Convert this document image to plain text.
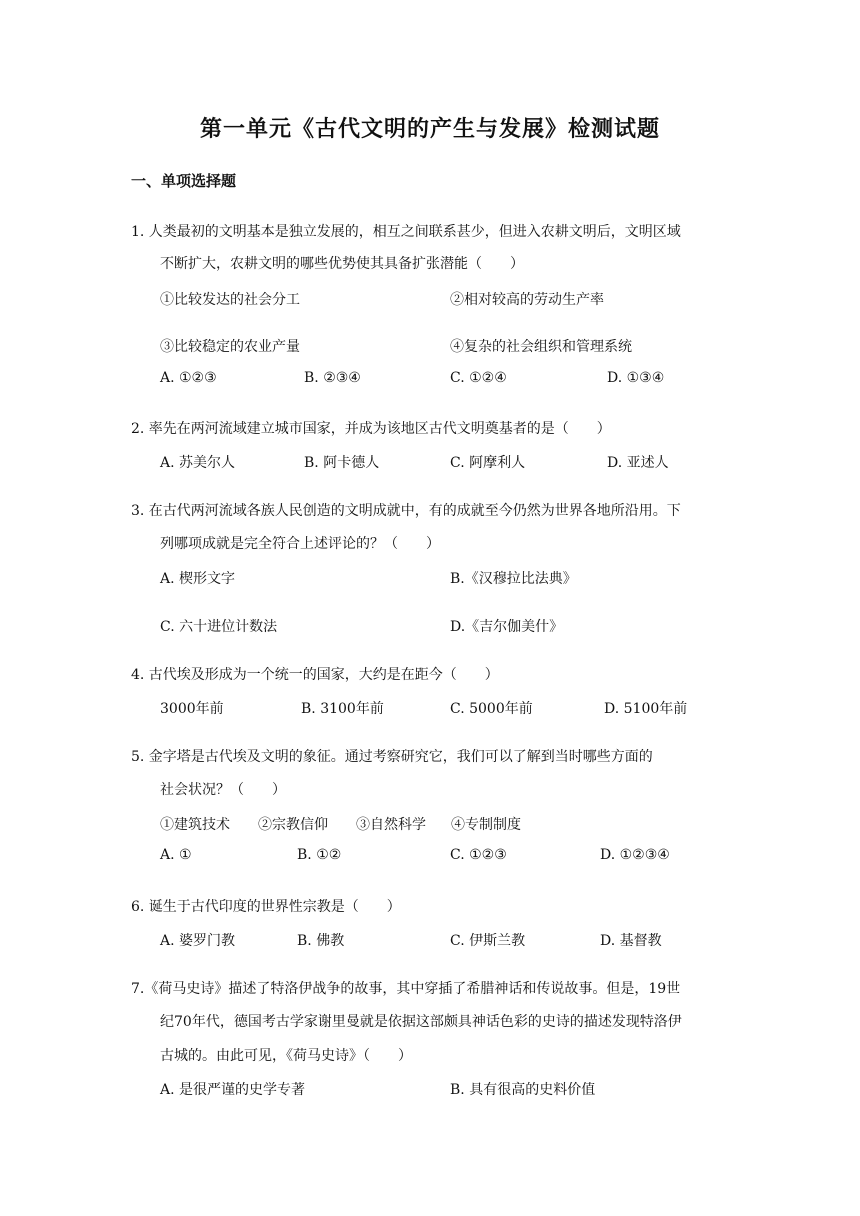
第一单元《古代文明的产生与发展》检测试题
一、单项选择题
1. 人类最初的文明基本是独立发展的，相互之间联系甚少，但进入农耕文明后，文明区域
不断扩大，农耕文明的哪些优势使其具备扩张潜能（　　）
①比较发达的社会分工	②相对较高的劳动生产率
③比较稳定的农业产量	④复杂的社会组织和管理系统
A. ①②③	B. ②③④	C. ①②④	D. ①③④
2. 率先在两河流域建立城市国家，并成为该地区古代文明奠基者的是（　　）
A. 苏美尔人	B. 阿卡德人	C. 阿摩利人	D. 亚述人
3. 在古代两河流域各族人民创造的文明成就中，有的成就至今仍然为世界各地所沿用。下
列哪项成就是完全符合上述评论的？（　　）
A. 楔形文字	B.《汉穆拉比法典》
C. 六十进位计数法	D.《吉尔伽美什》
4. 古代埃及形成为一个统一的国家，大约是在距今（　　）
3000年前	B. 3100年前	C. 5000年前	D. 5100年前
5. 金字塔是古代埃及文明的象征。通过考察研究它，我们可以了解到当时哪些方面的
社会状况？（　　）
①建筑技术 ②宗教信仰 ③自然科学 ④专制制度
A. ①	B. ①②	C. ①②③	D. ①②③④
6. 诞生于古代印度的世界性宗教是（　　）
A. 婆罗门教	B. 佛教	C. 伊斯兰教	D. 基督教
7.《荷马史诗》描述了特洛伊战争的故事，其中穿插了希腊神话和传说故事。但是，19世
纪70年代，德国考古学家谢里曼就是依据这部颇具神话色彩的史诗的描述发现特洛伊
古城的。由此可见，《荷马史诗》（　　）
A. 是很严谨的史学专著	B. 具有很高的史料价值
